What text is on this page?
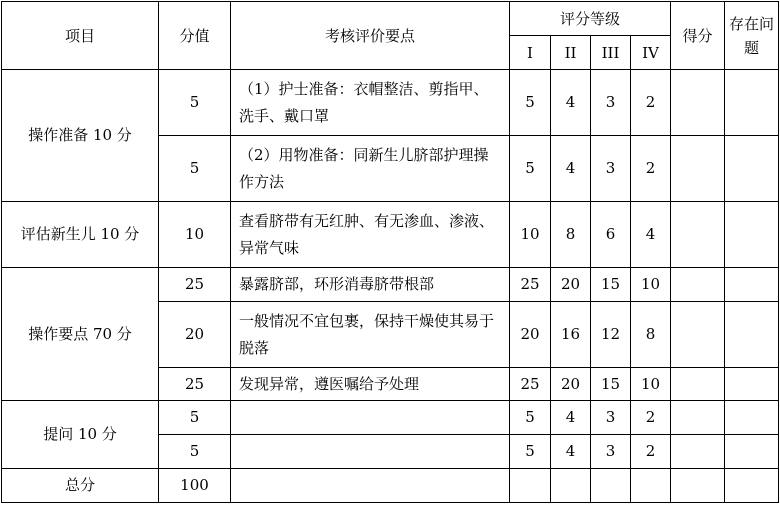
项目	分值	考核评价要点	评分等级				得分	存在问题
			I	II	III	IV		
操作准备 10 分	5	（1）护士准备：衣帽整洁、剪指甲、洗手、戴口罩	5	4	3	2		
	5	（2）用物准备：同新生儿脐部护理操作方法	5	4	3	2		
评估新生儿 10 分	10	查看脐带有无红肿、有无渗血、渗液、异常气味	10	8	6	4		
操作要点 70 分	25	暴露脐部，环形消毒脐带根部	25	20	15	10		
	20	一般情况不宜包裹，保持干燥使其易于脱落	20	16	12	8		
	25	发现异常，遵医嘱给予处理	25	20	15	10		
提问 10 分	5		5	4	3	2		
	5		5	4	3	2		
总分	100							
